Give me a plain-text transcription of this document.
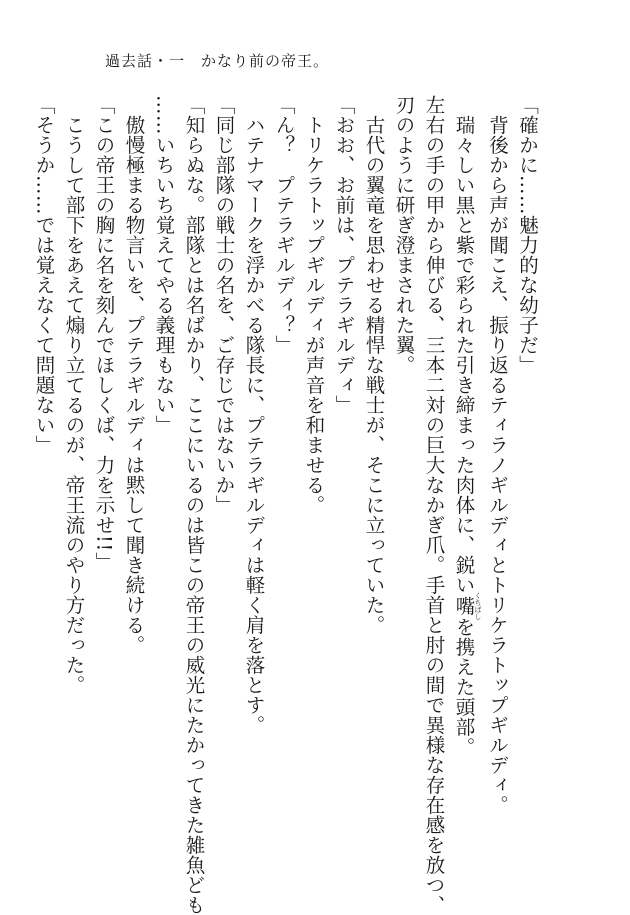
過去話・一　かなり前の帝王。
「確かに……魅力的な幼子だ」
　背後から声が聞こえ、振り返るティラノギルディとトリケラトップギルディ。
　瑞々しい黒と紫で彩られた引き締まった肉体に、鋭い嘴くちばしを携えた頭部。
左右の手の甲から伸びる、三本二対の巨大なかぎ爪。手首と肘の間で異様な存在感を放つ、
刃のように研ぎ澄まされた翼。
　古代の翼竜を思わせる精悍な戦士が、そこに立っていた。
「おお、お前は、プテラギルディ」
　トリケラトップギルディが声音を和ませる。
「ん？　プテラギルディ？」
　ハテナマークを浮かべる隊長に、プテラギルディは軽く肩を落とす。
「同じ部隊の戦士の名を、ご存じではないか」
「知らぬな。部隊とは名ばかり、ここにいるのは皆この帝王の威光にたかってきた雑魚ども
……いちいち覚えてやる義理もない」
　傲慢極まる物言いを、プテラギルディは黙して聞き続ける。
「この帝王の胸に名を刻んでほしくば、力を示せ!!」
　こうして部下をあえて煽り立てるのが、帝王流のやり方だった。
「そうか……では覚えなくて問題ない」
